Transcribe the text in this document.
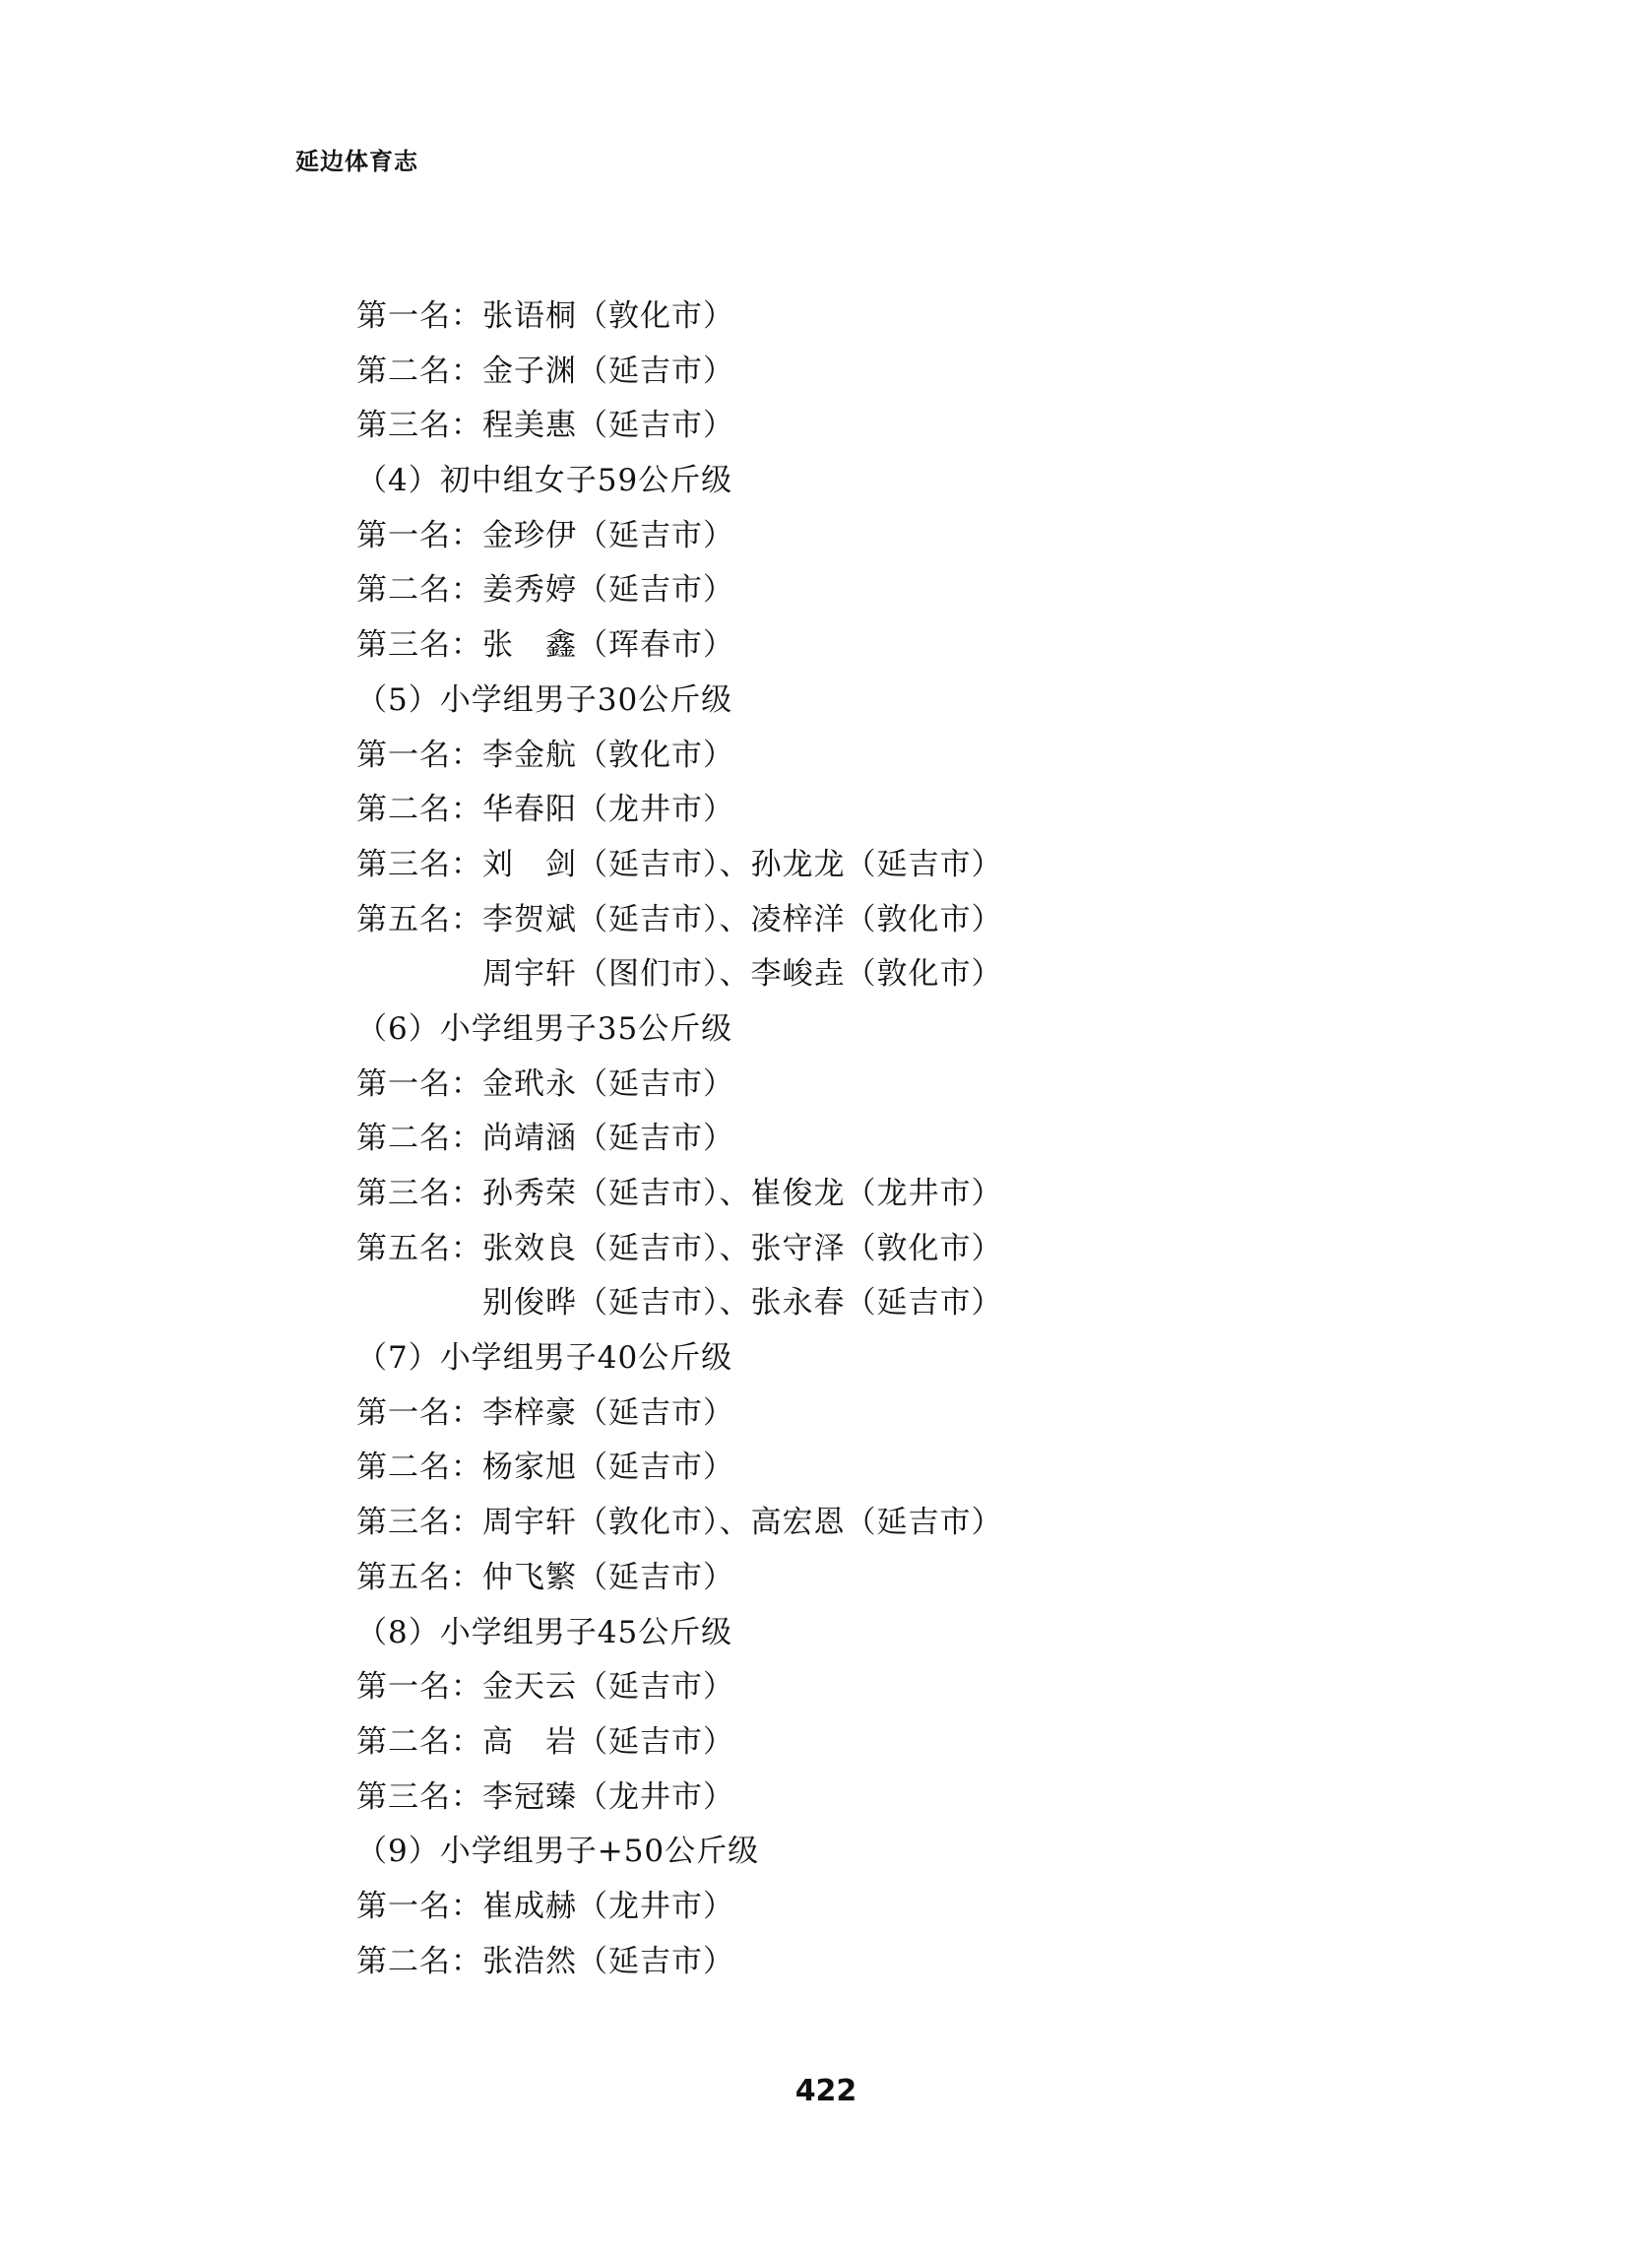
延边体育志
第一名：张语桐（敦化市）
第二名：金子渊（延吉市）
第三名：程美惠（延吉市）
（4）初中组女子59公斤级
第一名：金珍伊（延吉市）
第二名：姜秀婷（延吉市）
第三名：张　鑫（珲春市）
（5）小学组男子30公斤级
第一名：李金航（敦化市）
第二名：华春阳（龙井市）
第三名：刘　剑（延吉市）、孙龙龙（延吉市）
第五名：李贺斌（延吉市）、凌梓洋（敦化市）
周宇轩（图们市）、李峻垚（敦化市）
（6）小学组男子35公斤级
第一名：金玳永（延吉市）
第二名：尚靖涵（延吉市）
第三名：孙秀荣（延吉市）、崔俊龙（龙井市）
第五名：张效良（延吉市）、张守泽（敦化市）
别俊晔（延吉市）、张永春（延吉市）
（7）小学组男子40公斤级
第一名：李梓豪（延吉市）
第二名：杨家旭（延吉市）
第三名：周宇轩（敦化市）、高宏恩（延吉市）
第五名：仲飞繁（延吉市）
（8）小学组男子45公斤级
第一名：金天云（延吉市）
第二名：高　岩（延吉市）
第三名：李冠臻（龙井市）
（9）小学组男子+50公斤级
第一名：崔成赫（龙井市）
第二名：张浩然（延吉市）
422
